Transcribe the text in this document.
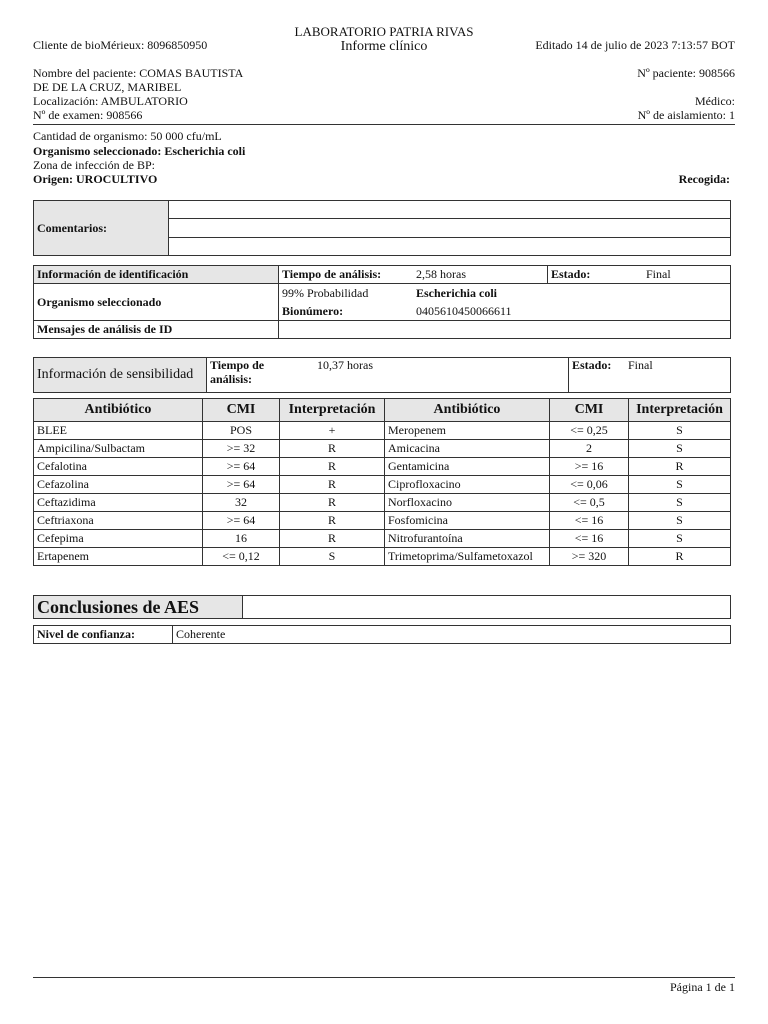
LABORATORIO PATRIA RIVAS
Informe clínico
Cliente de bioMérieux: 8096850950	Editado 14 de julio de 2023 7:13:57 BOT
Nombre del paciente: COMAS BAUTISTA
DE DE LA CRUZ, MARIBEL
Localización: AMBULATORIO
Nº de examen: 908566
Nº paciente: 908566
Médico:
Nº de aislamiento: 1
Cantidad de organismo: 50 000 cfu/mL
Organismo seleccionado: Escherichia coli
Zona de infección de BP:
Origen: UROCULTIVO	Recogida:
Comentarios:	

Información de identificación	Tiempo de análisis:	2,58 horas	Estado:	Final
Organismo seleccionado	99% Probabilidad	Escherichia coli		
	Bionúmero:	0405610450066611		
Mensajes de análisis de ID				
Información de sensibilidad	Tiempo de análisis:	10,37 horas	Estado:	Final
Antibiótico	CMI	Interpretación	Antibiótico	CMI	Interpretación
BLEE	POS	+	Meropenem	<= 0,25	S
Ampicilina/Sulbactam	>= 32	R	Amicacina	2	S
Cefalotina	>= 64	R	Gentamicina	>= 16	R
Cefazolina	>= 64	R	Ciprofloxacino	<= 0,06	S
Ceftazidima	32	R	Norfloxacino	<= 0,5	S
Ceftriaxona	>= 64	R	Fosfomicina	<= 16	S
Cefepima	16	R	Nitrofurantoína	<= 16	S
Ertapenem	<= 0,12	S	Trimetoprima/Sulfametoxazol	>= 320	R
Conclusiones de AES	
Nivel de confianza:	Coherente
Página 1 de 1
